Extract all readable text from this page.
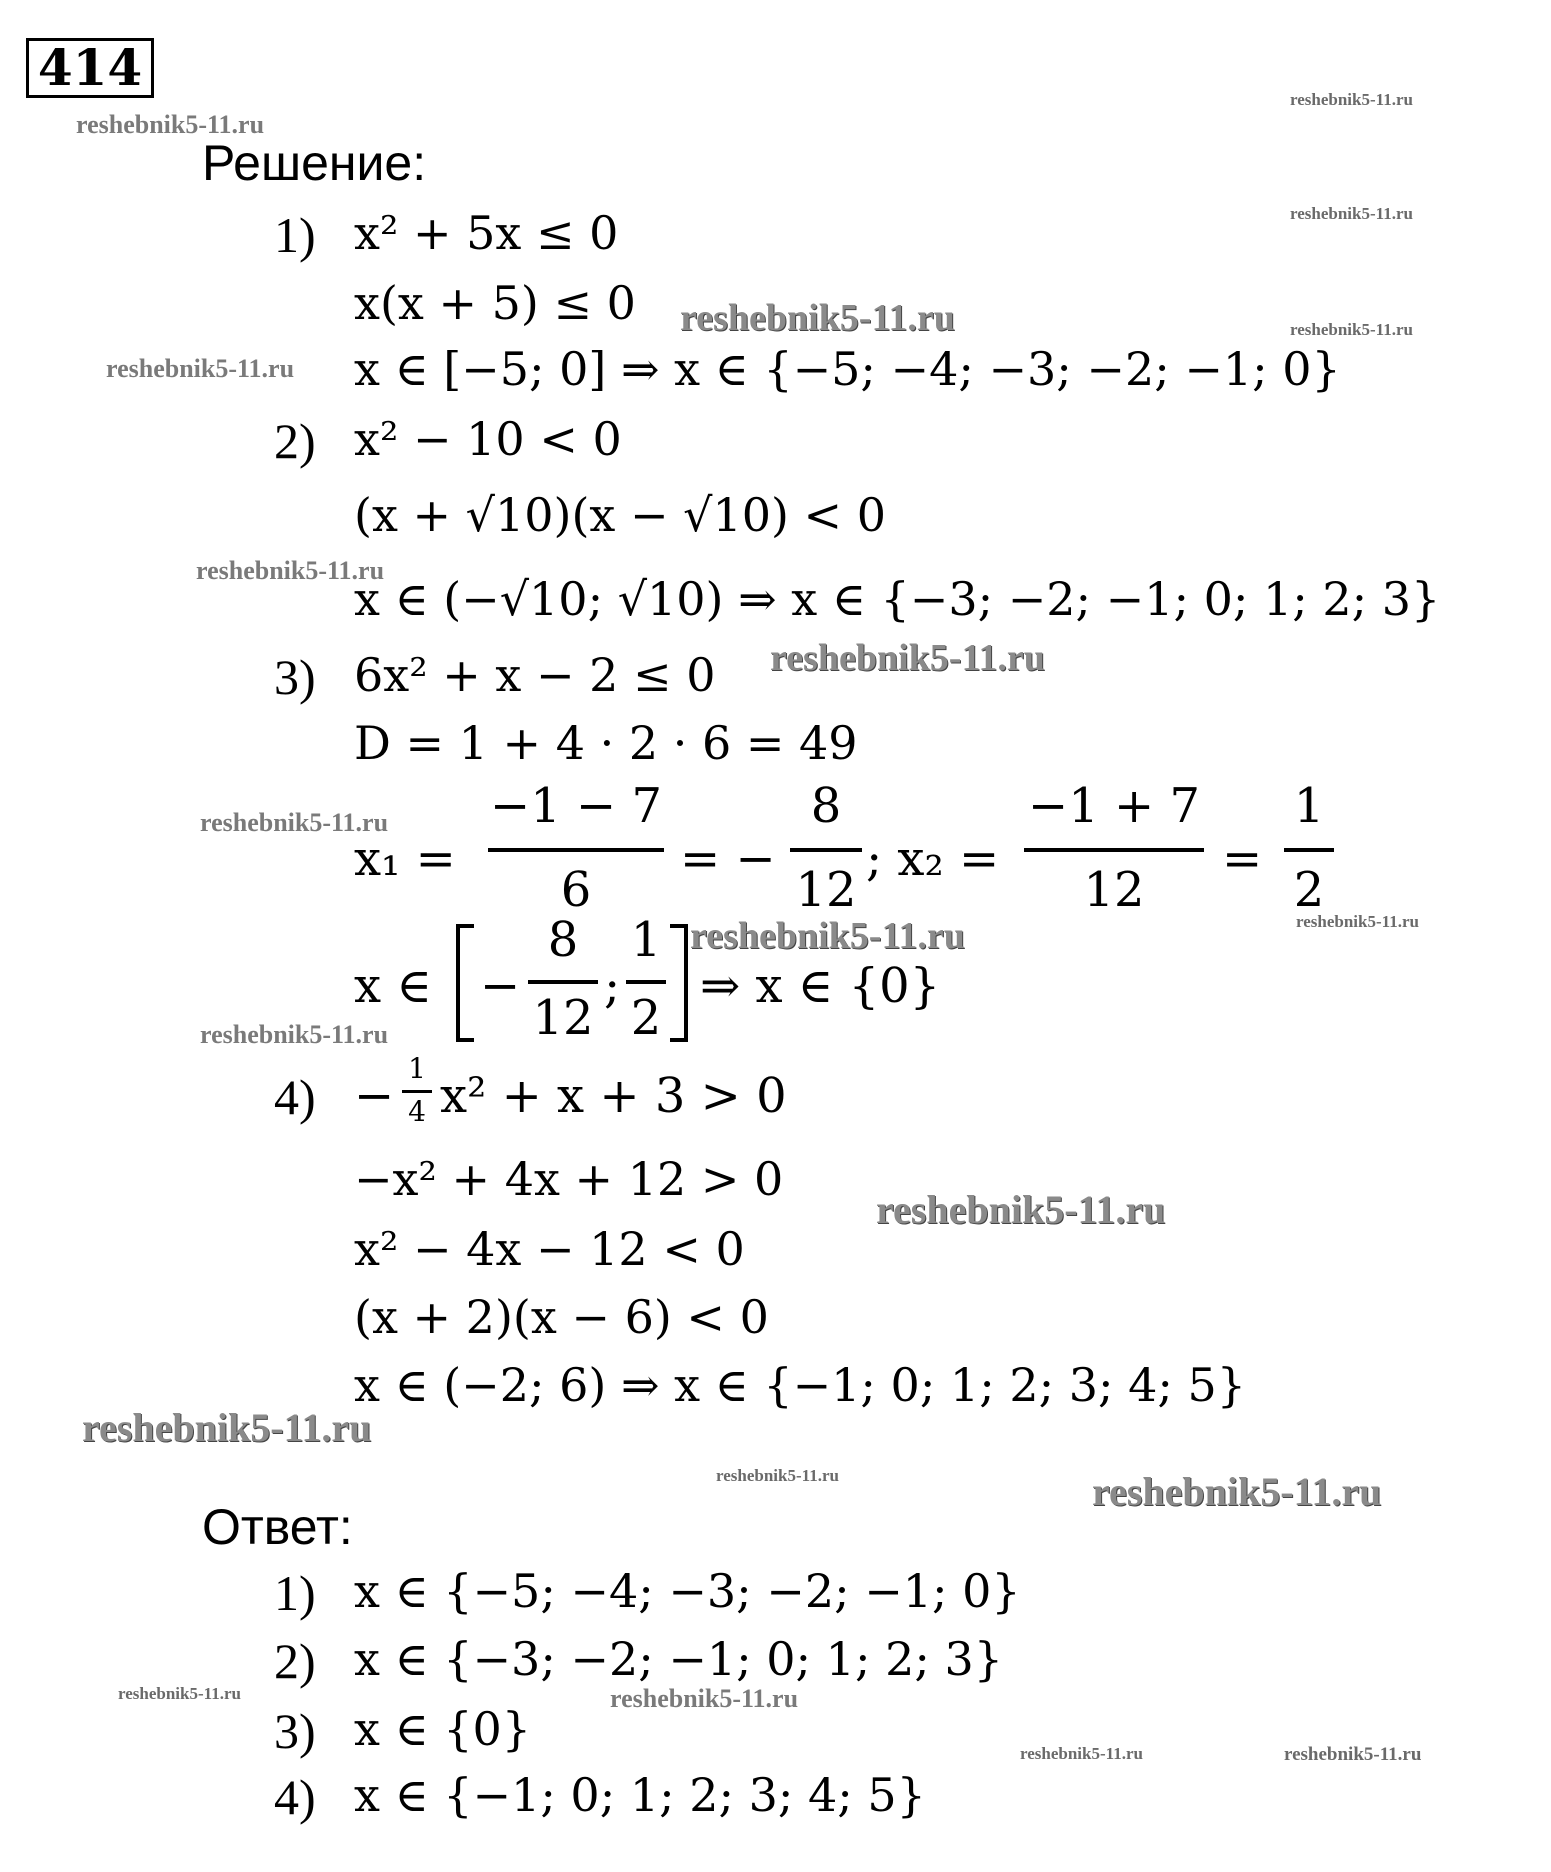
414
Решение:
1) x² + 5x ≤ 0
x(x + 5) ≤ 0
x ∈ [−5; 0] ⇒ x ∈ {−5; −4; −3; −2; −1; 0}
2) x² − 10 < 0
(x + √10)(x − √10) < 0
x ∈ (−√10; √10) ⇒ x ∈ {−3; −2; −1; 0; 1; 2; 3}
3) 6x² + x − 2 ≤ 0
D = 1 + 4 · 2 · 6 = 49
x₁ =
−1 − 7
6
= −
8
12
; x₂ =
−1 + 7
12
=
1
2
x ∈ −
8
12
;
1
2
⇒ x ∈ {0}
4) − 1
4 x² + x + 3 > 0
−x² + 4x + 12 > 0
x² − 4x − 12 < 0
(x + 2)(x − 6) < 0
x ∈ (−2; 6) ⇒ x ∈ {−1; 0; 1; 2; 3; 4; 5}
Ответ:
1) x ∈ {−5; −4; −3; −2; −1; 0}
2) x ∈ {−3; −2; −1; 0; 1; 2; 3}
3) x ∈ {0}
4) x ∈ {−1; 0; 1; 2; 3; 4; 5}
reshebnik5-11.ru
reshebnik5-11.ru
reshebnik5-11.ru
reshebnik5-11.ru	reshebnik5-11.ru
reshebnik5-11.ru
reshebnik5-11.ru
reshebnik5-11.ru
reshebnik5-11.ru
reshebnik5-11.ru	reshebnik5-11.ru
reshebnik5-11.ru
reshebnik5-11.ru
reshebnik5-11.ru
reshebnik5-11.ru	reshebnik5-11.ru
reshebnik5-11.ru	reshebnik5-11.ru
reshebnik5-11.ru	reshebnik5-11.ru
